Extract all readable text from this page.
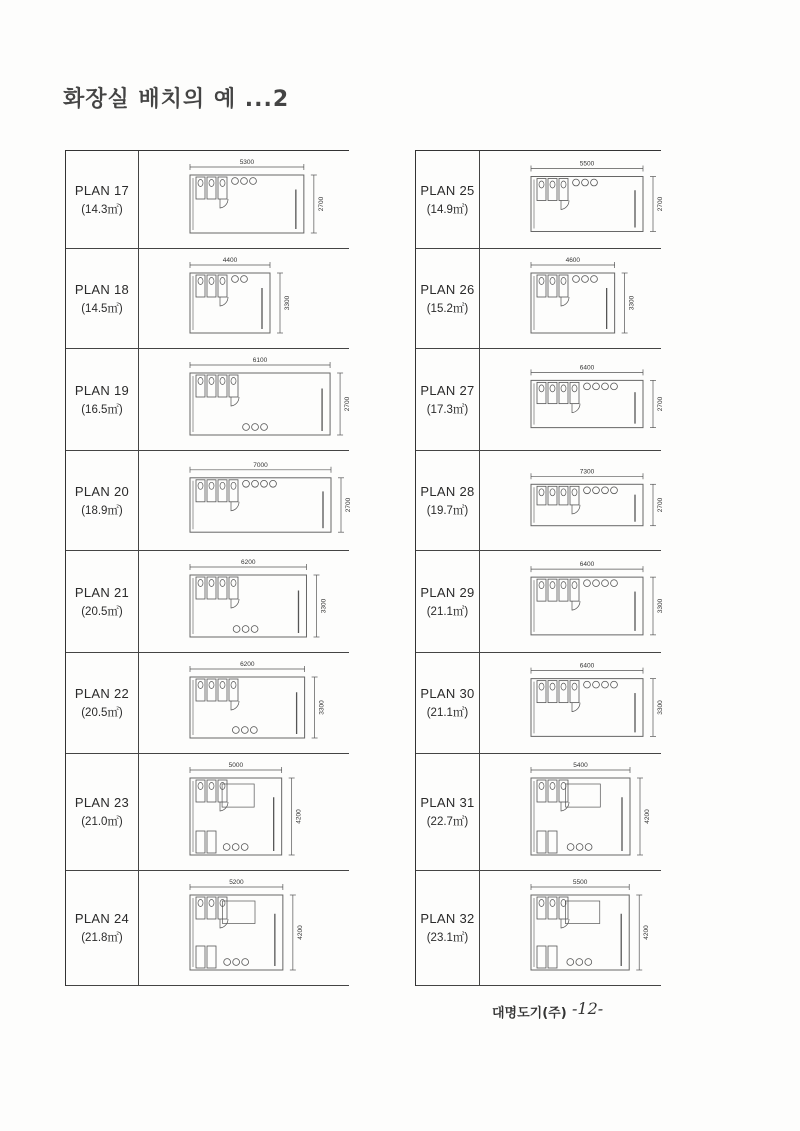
화장실 배치의 예 ...2
PLAN 17
(14.3㎡)
5300
2700
PLAN 18
(14.5㎡)
4400
3300
PLAN 19
(16.5㎡)
6100
2700
PLAN 20
(18.9㎡)
7000
2700
PLAN 21
(20.5㎡)
6200
3300
PLAN 22
(20.5㎡)
6200
3300
PLAN 23
(21.0㎡)
5000
4200
PLAN 24
(21.8㎡)
5200
4200
PLAN 25
(14.9㎡)
5500
2700
PLAN 26
(15.2㎡)
4600
3300
PLAN 27
(17.3㎡)
6400
2700
PLAN 28
(19.7㎡)
7300
2700
PLAN 29
(21.1㎡)
6400
3300
PLAN 30
(21.1㎡)
6400
3300
PLAN 31
(22.7㎡)
5400
4200
PLAN 32
(23.1㎡)
5500
4200
대명도기(주) -12-
